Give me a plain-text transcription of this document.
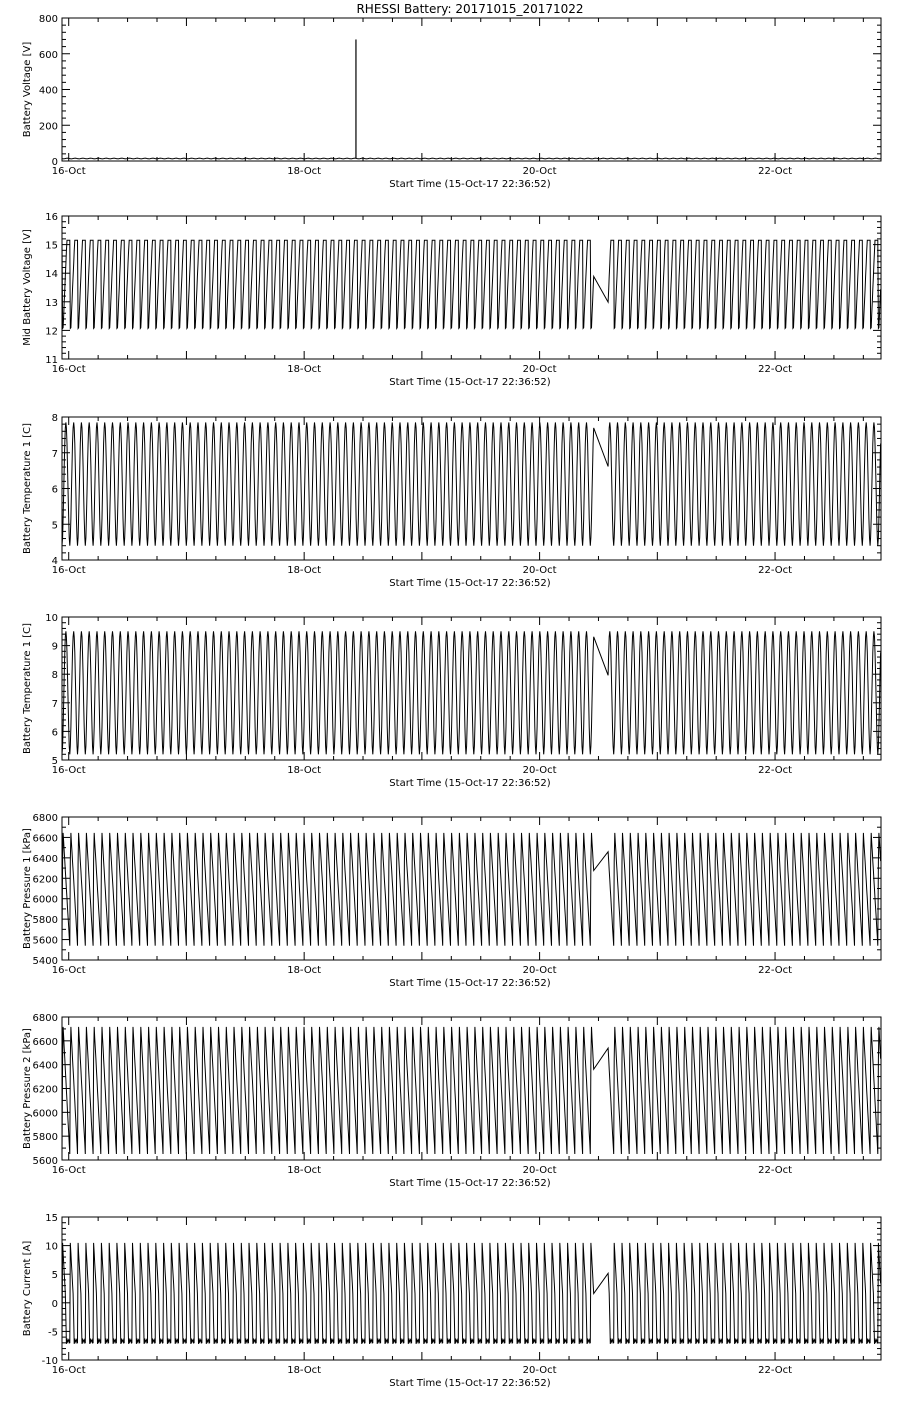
RHESSI Battery: 20171015_20171022
0
200
400
600
800
16-Oct	18-Oct	20-Oct	22-Oct
Start Time (15-Oct-17 22:36:52)
Battery Voltage [V]
11
12
13
14
15
16
16-Oct	18-Oct	20-Oct	22-Oct
Start Time (15-Oct-17 22:36:52)
Mid Battery Voltage [V]
4
5
6
7
8
16-Oct	18-Oct	20-Oct	22-Oct
Start Time (15-Oct-17 22:36:52)
Battery Temperature 1 [C]
5
6
7
8
9
10
16-Oct	18-Oct	20-Oct	22-Oct
Start Time (15-Oct-17 22:36:52)
Battery Temperature 1 [C]
5400
5600
5800
6000
6200
6400
6600
6800
16-Oct	18-Oct	20-Oct	22-Oct
Start Time (15-Oct-17 22:36:52)
Battery Pressure 1 [kPa]
5600
5800
6000
6200
6400
6600
6800
16-Oct	18-Oct	20-Oct	22-Oct
Start Time (15-Oct-17 22:36:52)
Battery Pressure 2 [kPa]
-10
-5
0
5
10
15
16-Oct	18-Oct	20-Oct	22-Oct
Start Time (15-Oct-17 22:36:52)
Battery Current [A]
